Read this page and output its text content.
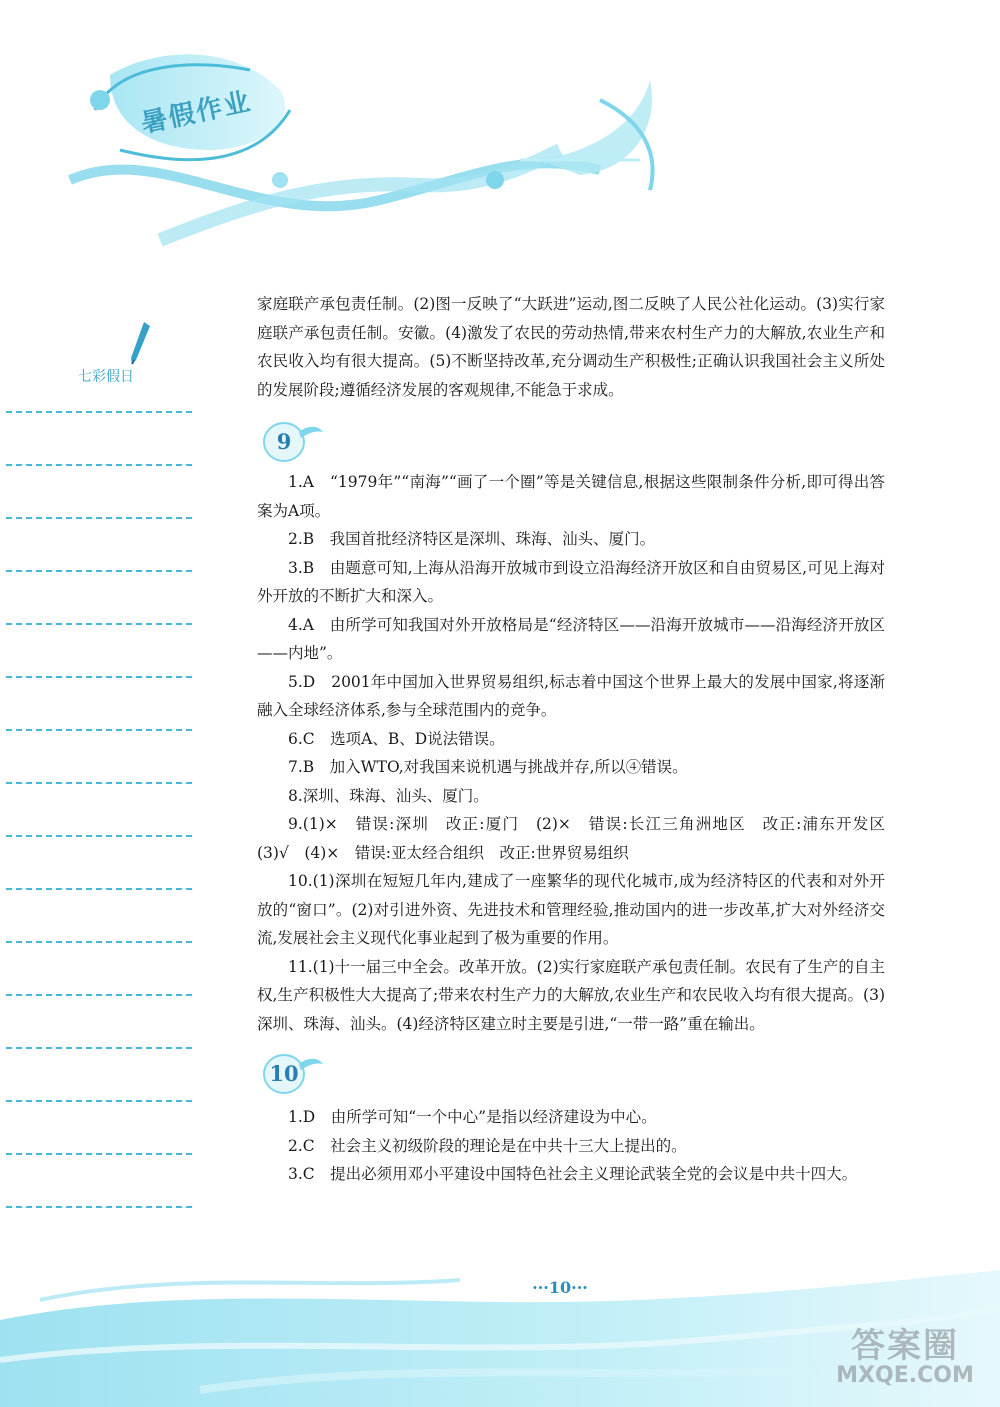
暑假作业
七彩假日

家庭联产承包责任制。(2)图一反映了“大跃进”运动,图二反映了人民公社化运动。(3)实行家庭联产承包责任制。安徽。(4)激发了农民的劳动热情,带来农村生产力的大解放,农业生产和农民收入均有很大提高。(5)不断坚持改革,充分调动生产积极性;正确认识我国社会主义所处的发展阶段;遵循经济发展的客观规律,不能急于求成。

9

1.A　“1979年”“南海”“画了一个圈”等是关键信息,根据这些限制条件分析,即可得出答案为A项。

2.B　我国首批经济特区是深圳、珠海、汕头、厦门。

3.B　由题意可知,上海从沿海开放城市到设立沿海经济开放区和自由贸易区,可见上海对外开放的不断扩大和深入。

4.A　由所学可知我国对外开放格局是“经济特区——沿海开放城市——沿海经济开放区——内地”。

5.D　2001年中国加入世界贸易组织,标志着中国这个世界上最大的发展中国家,将逐渐融入全球经济体系,参与全球范围内的竞争。

6.C　选项A、B、D说法错误。

7.B　加入WTO,对我国来说机遇与挑战并存,所以④错误。

8.深圳、珠海、汕头、厦门。

9.(1)×　错误:深圳　改正:厦门　(2)×　错误:长江三角洲地区　改正:浦东开发区　(3)√　(4)×　错误:亚太经合组织　改正:世界贸易组织

10.(1)深圳在短短几年内,建成了一座繁华的现代化城市,成为经济特区的代表和对外开放的“窗口”。(2)对引进外资、先进技术和管理经验,推动国内的进一步改革,扩大对外经济交流,发展社会主义现代化事业起到了极为重要的作用。

11.(1)十一届三中全会。改革开放。(2)实行家庭联产承包责任制。农民有了生产的自主权,生产积极性大大提高了;带来农村生产力的大解放,农业生产和农民收入均有很大提高。(3)深圳、珠海、汕头。(4)经济特区建立时主要是引进,“一带一路”重在输出。

10

1.D　由所学可知“一个中心”是指以经济建设为中心。

2.C　社会主义初级阶段的理论是在中共十三大上提出的。

3.C　提出必须用邓小平建设中国特色社会主义理论武装全党的会议是中共十四大。

···10···
答案圈
MXQE.COM
